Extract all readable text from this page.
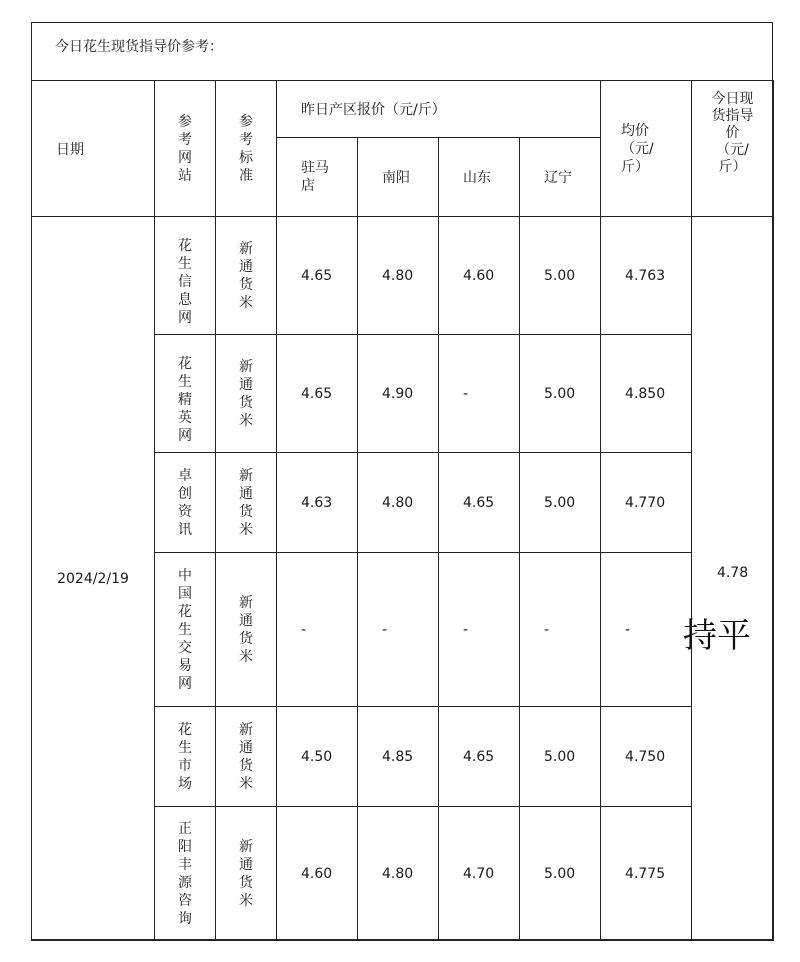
今日花生现货指导价参考：
日期	参考网站	参考标准	昨日产区报价（元/斤）				均价（元/斤）	今日现货指导价（元/斤）

			驻马店	南阳	山东	辽宁		
2024/2/19	花生信息网	新通货米	4.65	4.80	4.60	5.00	4.763	4.78

	花生精英网	新通货米	4.65	4.90	-	5.00	4.850	

	卓创资讯	新通货米	4.63	4.80	4.65	5.00	4.770	

	中国花生交易网	新通货米	-	-	-	-	-	

	花生市场	新通货米	4.50	4.85	4.65	5.00	4.750	

	正阳丰源咨询	新通货米	4.60	4.80	4.70	5.00	4.775	
持平
